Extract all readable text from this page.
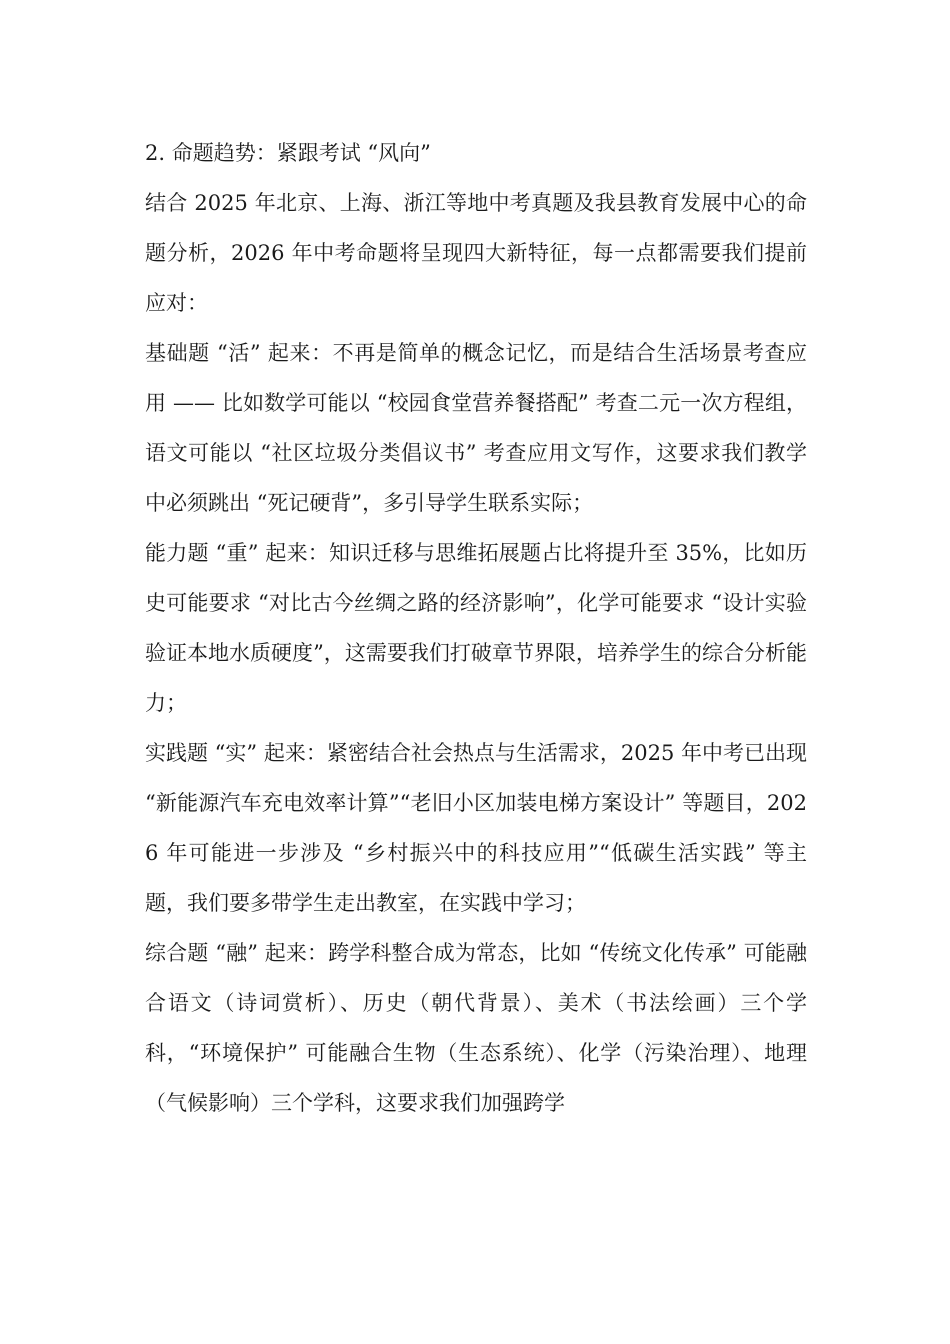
2. 命题趋势：紧跟考试 “风向”

结合 2025 年北京、上海、浙江等地中考真题及我县教育发展中心的命题分析，2026 年中考命题将呈现四大新特征，每一点都需要我们提前应对：

基础题 “活” 起来：不再是简单的概念记忆，而是结合生活场景考查应用 —— 比如数学可能以 “校园食堂营养餐搭配” 考查二元一次方程组，语文可能以 “社区垃圾分类倡议书” 考查应用文写作，这要求我们教学中必须跳出 “死记硬背”，多引导学生联系实际；

能力题 “重” 起来：知识迁移与思维拓展题占比将提升至 35%，比如历史可能要求 “对比古今丝绸之路的经济影响”，化学可能要求 “设计实验验证本地水质硬度”，这需要我们打破章节界限，培养学生的综合分析能力；

实践题 “实” 起来：紧密结合社会热点与生活需求，2025 年中考已出现 “新能源汽车充电效率计算”“老旧小区加装电梯方案设计” 等题目，2026 年可能进一步涉及 “乡村振兴中的科技应用”“低碳生活实践” 等主题，我们要多带学生走出教室，在实践中学习；

综合题 “融” 起来：跨学科整合成为常态，比如 “传统文化传承” 可能融合语文（诗词赏析）、历史（朝代背景）、美术（书法绘画）三个学科，“环境保护” 可能融合生物（生态系统）、化学（污染治理）、地理（气候影响）三个学科，这要求我们加强跨学
